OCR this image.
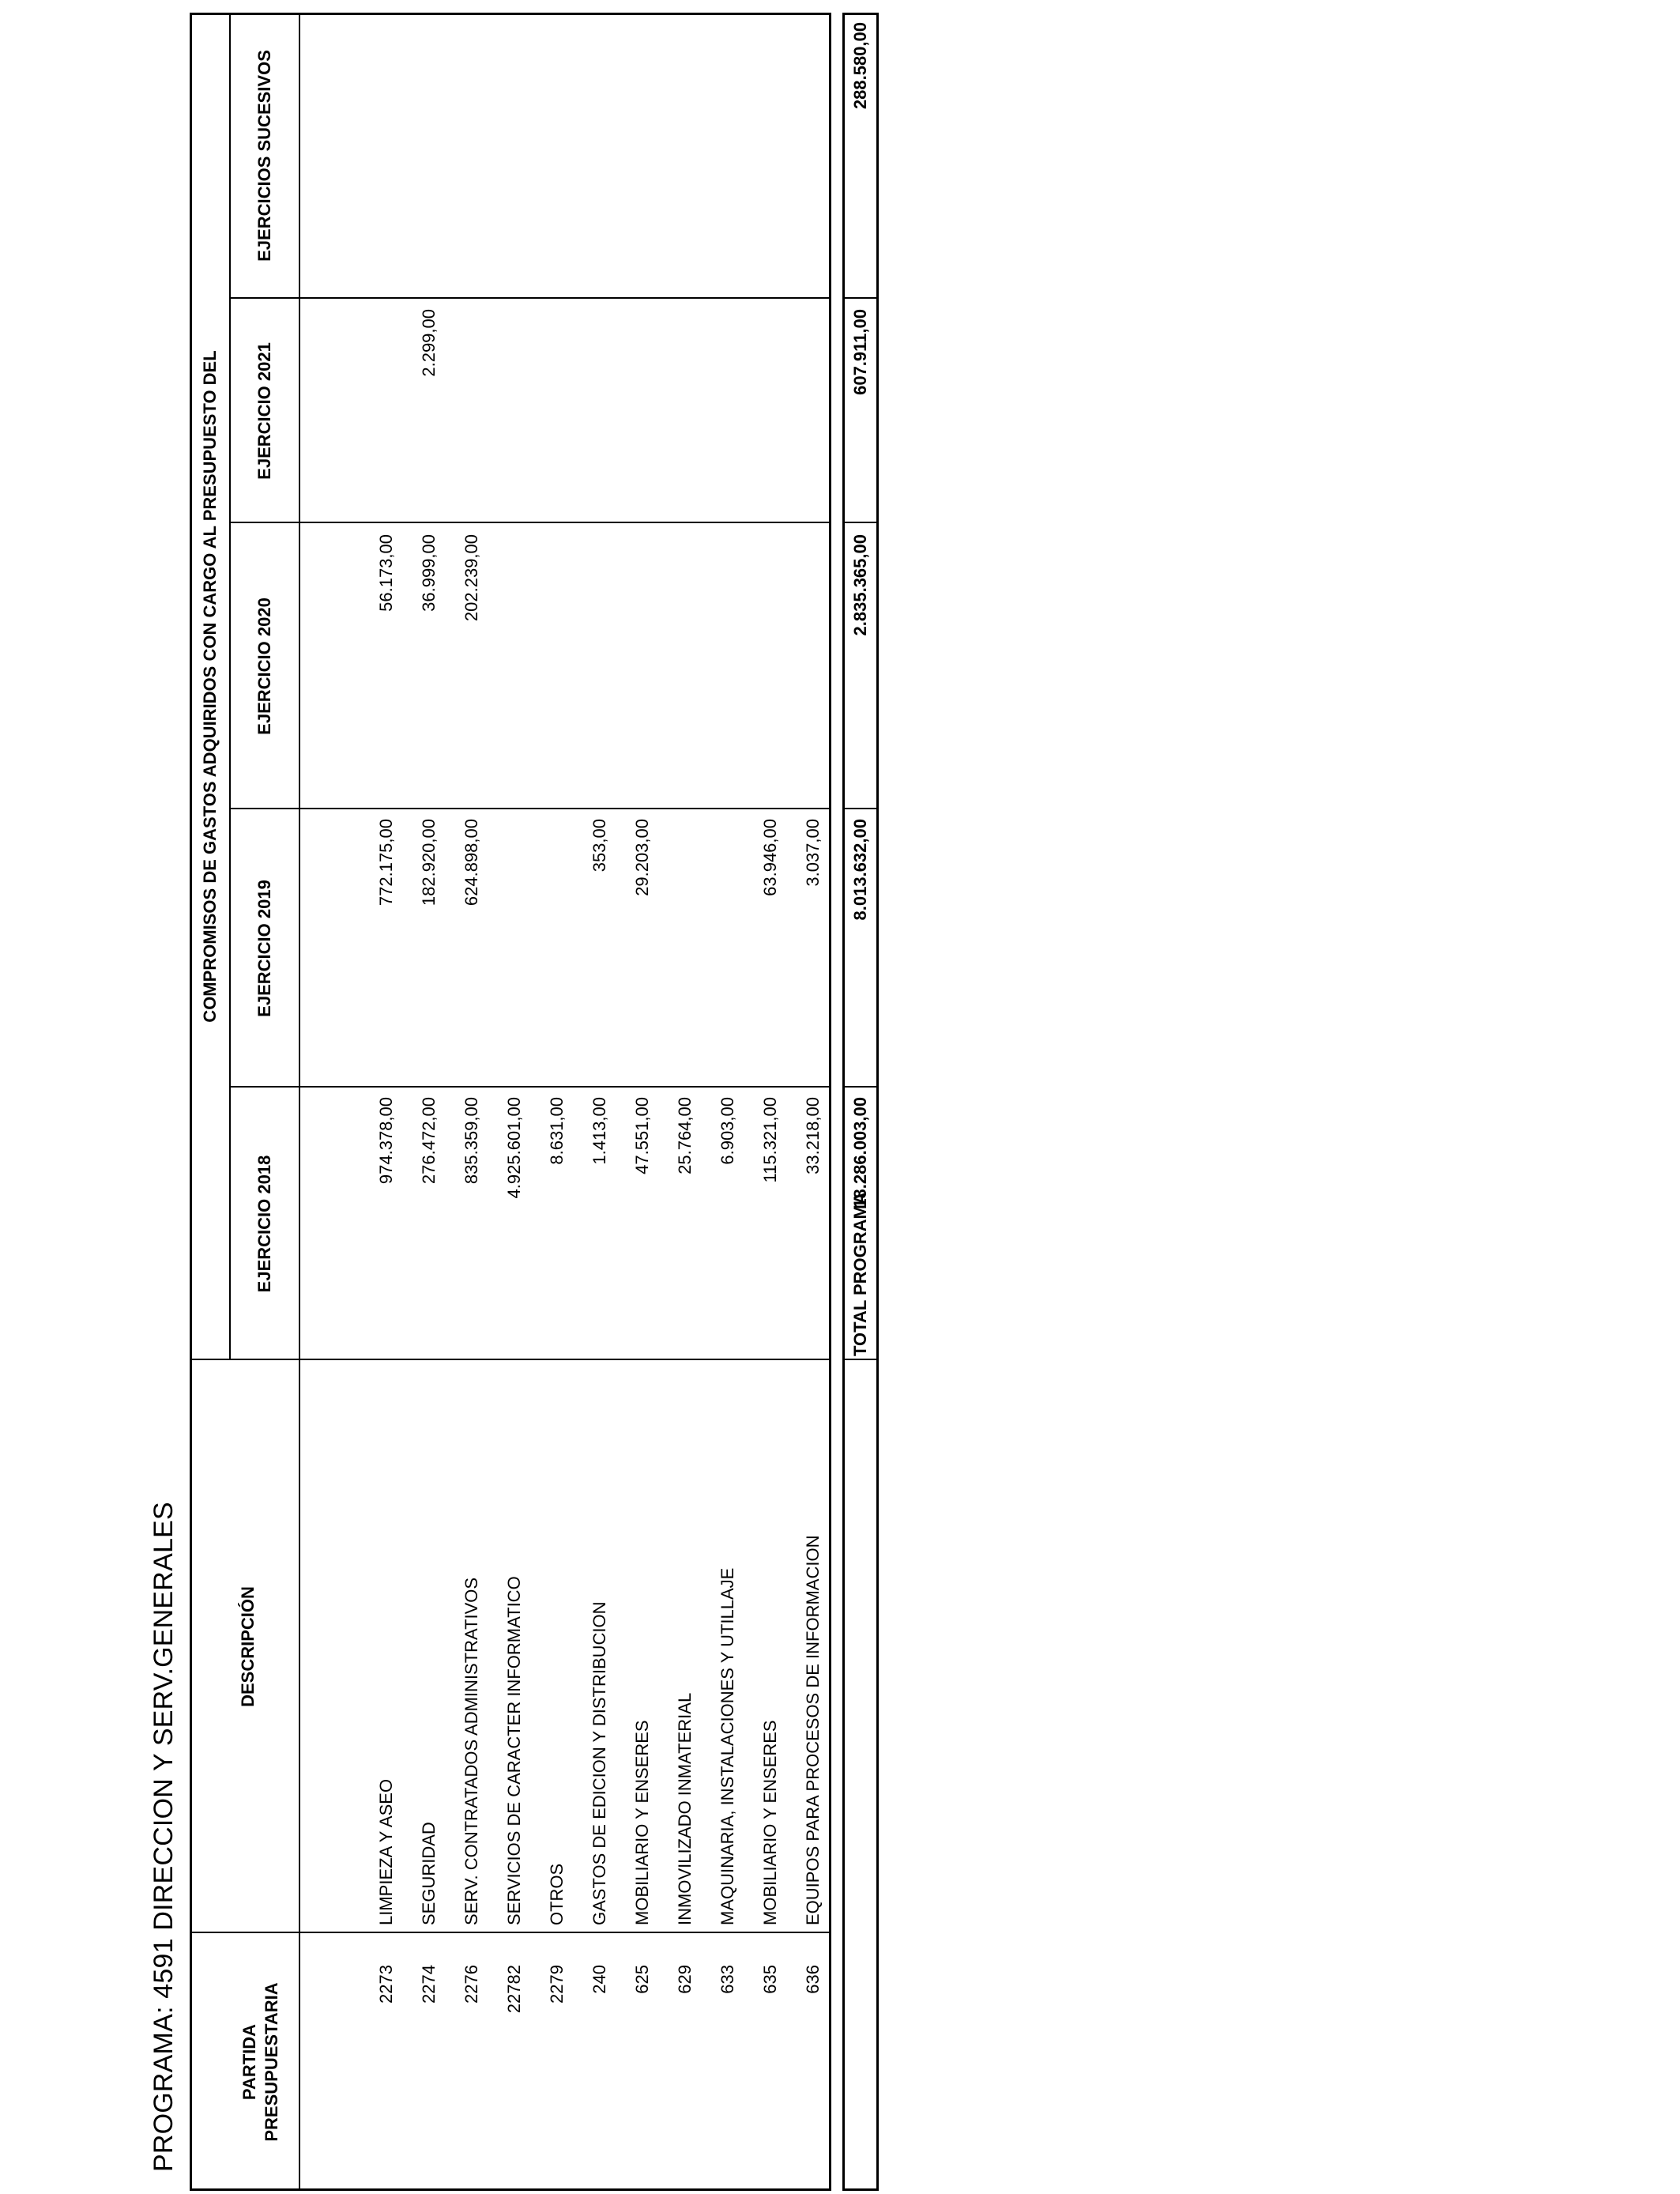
PROGRAMA: 4591 DIRECCION Y SERV.GENERALES	PARTIDA PRESUPUESTARIA
DESCRIPCIÓN
COMPROMISOS DE GASTOS ADQUIRIDOS CON CARGO AL PRESUPUESTO DEL
EJERCICIO 2018
EJERCICIO 2019
EJERCICIO 2020
EJERCICIO 2021
EJERCICIOS SUCESIVOS
2273
LIMPIEZA Y ASEO
974.378,00
772.175,00
56.173,00
2274
SEGURIDAD
276.472,00
182.920,00
36.999,00
2.299,00
2276
SERV. CONTRATADOS ADMINISTRATIVOS
835.359,00
624.898,00
202.239,00
22782
SERVICIOS DE CARACTER INFORMATICO
4.925.601,00
2279
OTROS
8.631,00
240
GASTOS DE EDICION Y DISTRIBUCION
1.413,00
353,00
625
MOBILIARIO Y ENSERES
47.551,00
29.203,00
629
INMOVILIZADO INMATERIAL
25.764,00
633
MAQUINARIA, INSTALACIONES Y UTILLAJE
6.903,00
635
MOBILIARIO Y ENSERES
115.321,00
63.946,00
636
EQUIPOS PARA PROCESOS DE INFORMACION
33.218,00
3.037,00
TOTAL PROGRAMA
18.286.003,00
8.013.632,00
2.835.365,00
607.911,00
288.580,00
